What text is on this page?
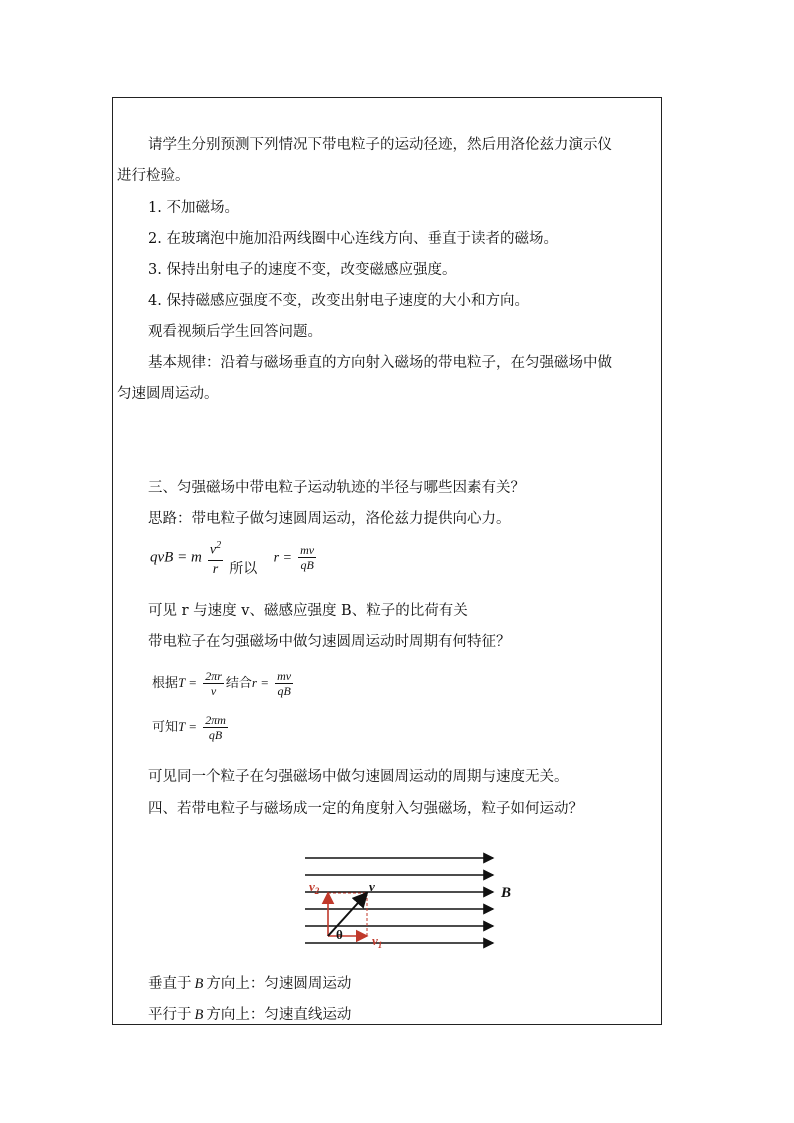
请学生分别预测下列情况下带电粒子的运动径迹，然后用洛伦兹力演示仪
进行检验。
1. 不加磁场。
2. 在玻璃泡中施加沿两线圈中心连线方向、垂直于读者的磁场。
3. 保持出射电子的速度不变，改变磁感应强度。
4. 保持磁感应强度不变，改变出射电子速度的大小和方向。
观看视频后学生回答问题。
基本规律：沿着与磁场垂直的方向射入磁场的带电粒子，在匀强磁场中做
匀速圆周运动。
三、匀强磁场中带电粒子运动轨迹的半径与哪些因素有关？
思路：带电粒子做匀速圆周运动，洛伦兹力提供向心力。
qvB = m $\frac{v^2}{r}$ 所以  $r = \frac{mv}{qB}$
可见 r 与速度 v、磁感应强度 B、粒子的比荷有关
带电粒子在匀强磁场中做匀速圆周运动时周期有何特征？
根据$T = \frac{2\pi r}{v}$ 结合$r = \frac{mv}{qB}$
可知$T = \frac{2\pi m}{qB}$
可见同一个粒子在匀强磁场中做匀速圆周运动的周期与速度无关。
四、若带电粒子与磁场成一定的角度射入匀强磁场，粒子如何运动？
θ
v
$v_2$
$v_1$
B
垂直于 B 方向上：匀速圆周运动
平行于 B 方向上：匀速直线运动
